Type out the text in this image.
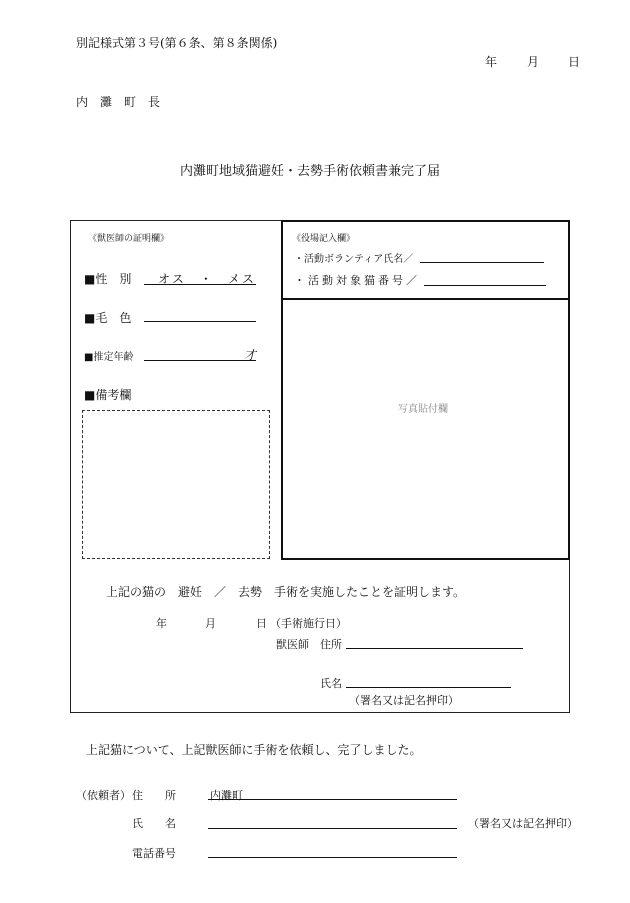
別記様式第３号(第６条、第８条関係)
年 月 日
内　灘　町　長
内灘町地域猫避妊・去勢手術依頼書兼完了届
《役場記入欄》
・活動ボランティア氏名／
・活動対象猫番号／
写真貼付欄
《獣医師の証明欄》
■性　別 オス　・　メス
■毛　色
■推定年齢	才
■備考欄
上記の猫の　避妊　／　去勢　手術を実施したことを証明します。
年	月	日 （手術施行日）
獣医師　住所
氏名
（署名又は記名押印）
上記猫について、上記獣医師に手術を依頼し、完了しました。
（依頼者） 住　　所	内灘町
氏　　名	（署名又は記名押印）
電話番号
